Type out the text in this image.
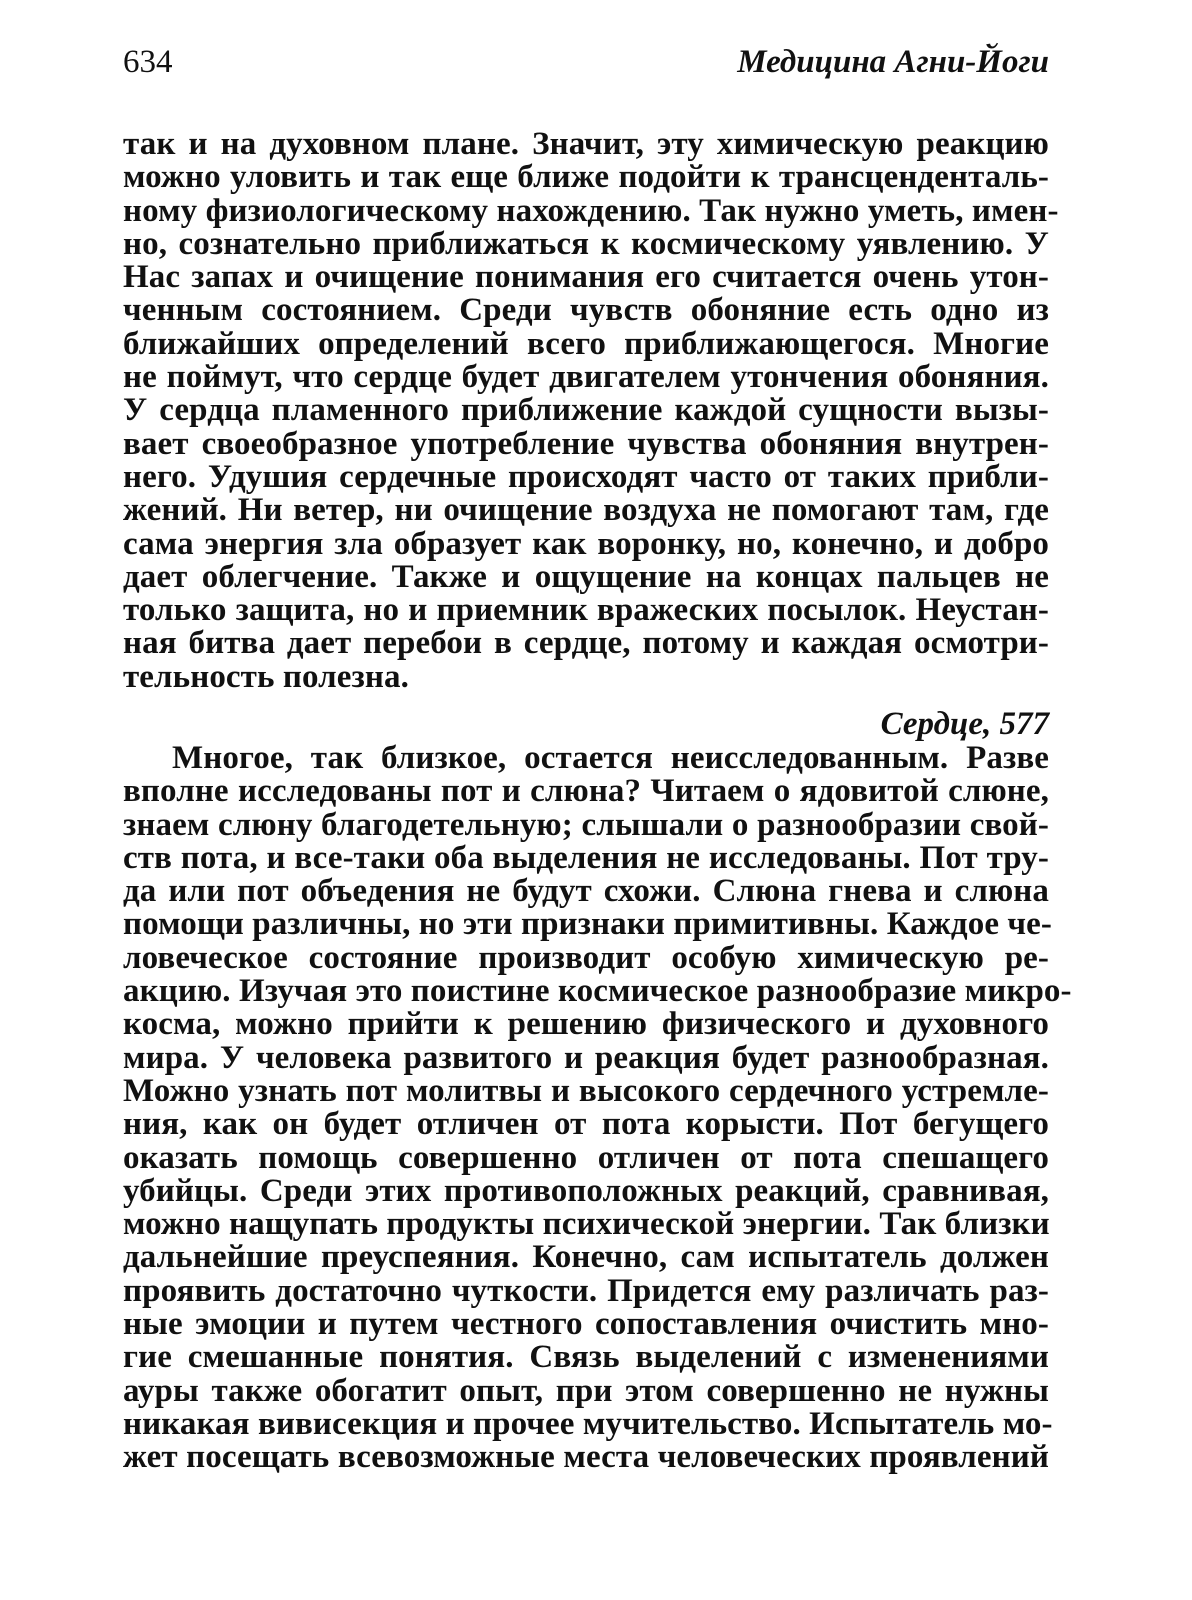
634	Медицина Агни-Йоги
так и на духовном плане. Значит, эту химическую реакцию
можно уловить и так еще ближе подойти к трансценденталь-
ному физиологическому нахождению. Так нужно уметь, имен-
но, сознательно приближаться к космическому уявлению. У
Нас запах и очищение понимания его считается очень утон-
ченным состоянием. Среди чувств обоняние есть одно из
ближайших определений всего приближающегося. Многие
не поймут, что сердце будет двигателем утончения обоняния.
У сердца пламенного приближение каждой сущности вызы-
вает своеобразное употребление чувства обоняния внутрен-
него. Удушия сердечные происходят часто от таких прибли-
жений. Ни ветер, ни очищение воздуха не помогают там, где
сама энергия зла образует как воронку, но, конечно, и добро
дает облегчение. Также и ощущение на концах пальцев не
только защита, но и приемник вражеских посылок. Неустан-
ная битва дает перебои в сердце, потому и каждая осмотри-
тельность полезна.
Сердце, 577
Многое, так близкое, остается неисследованным. Разве
вполне исследованы пот и слюна? Читаем о ядовитой слюне,
знаем слюну благодетельную; слышали о разнообразии свой-
ств пота, и все-таки оба выделения не исследованы. Пот тру-
да или пот объедения не будут схожи. Слюна гнева и слюна
помощи различны, но эти признаки примитивны. Каждое че-
ловеческое состояние производит особую химическую ре-
акцию. Изучая это поистине космическое разнообразие микро-
косма, можно прийти к решению физического и духовного
мира. У человека развитого и реакция будет разнообразная.
Можно узнать пот молитвы и высокого сердечного устремле-
ния, как он будет отличен от пота корысти. Пот бегущего
оказать помощь совершенно отличен от пота спешащего
убийцы. Среди этих противоположных реакций, сравнивая,
можно нащупать продукты психической энергии. Так близки
дальнейшие преуспеяния. Конечно, сам испытатель должен
проявить достаточно чуткости. Придется ему различать раз-
ные эмоции и путем честного сопоставления очистить мно-
гие смешанные понятия. Связь выделений с изменениями
ауры также обогатит опыт, при этом совершенно не нужны
никакая вивисекция и прочее мучительство. Испытатель мо-
жет посещать всевозможные места человеческих проявлений
